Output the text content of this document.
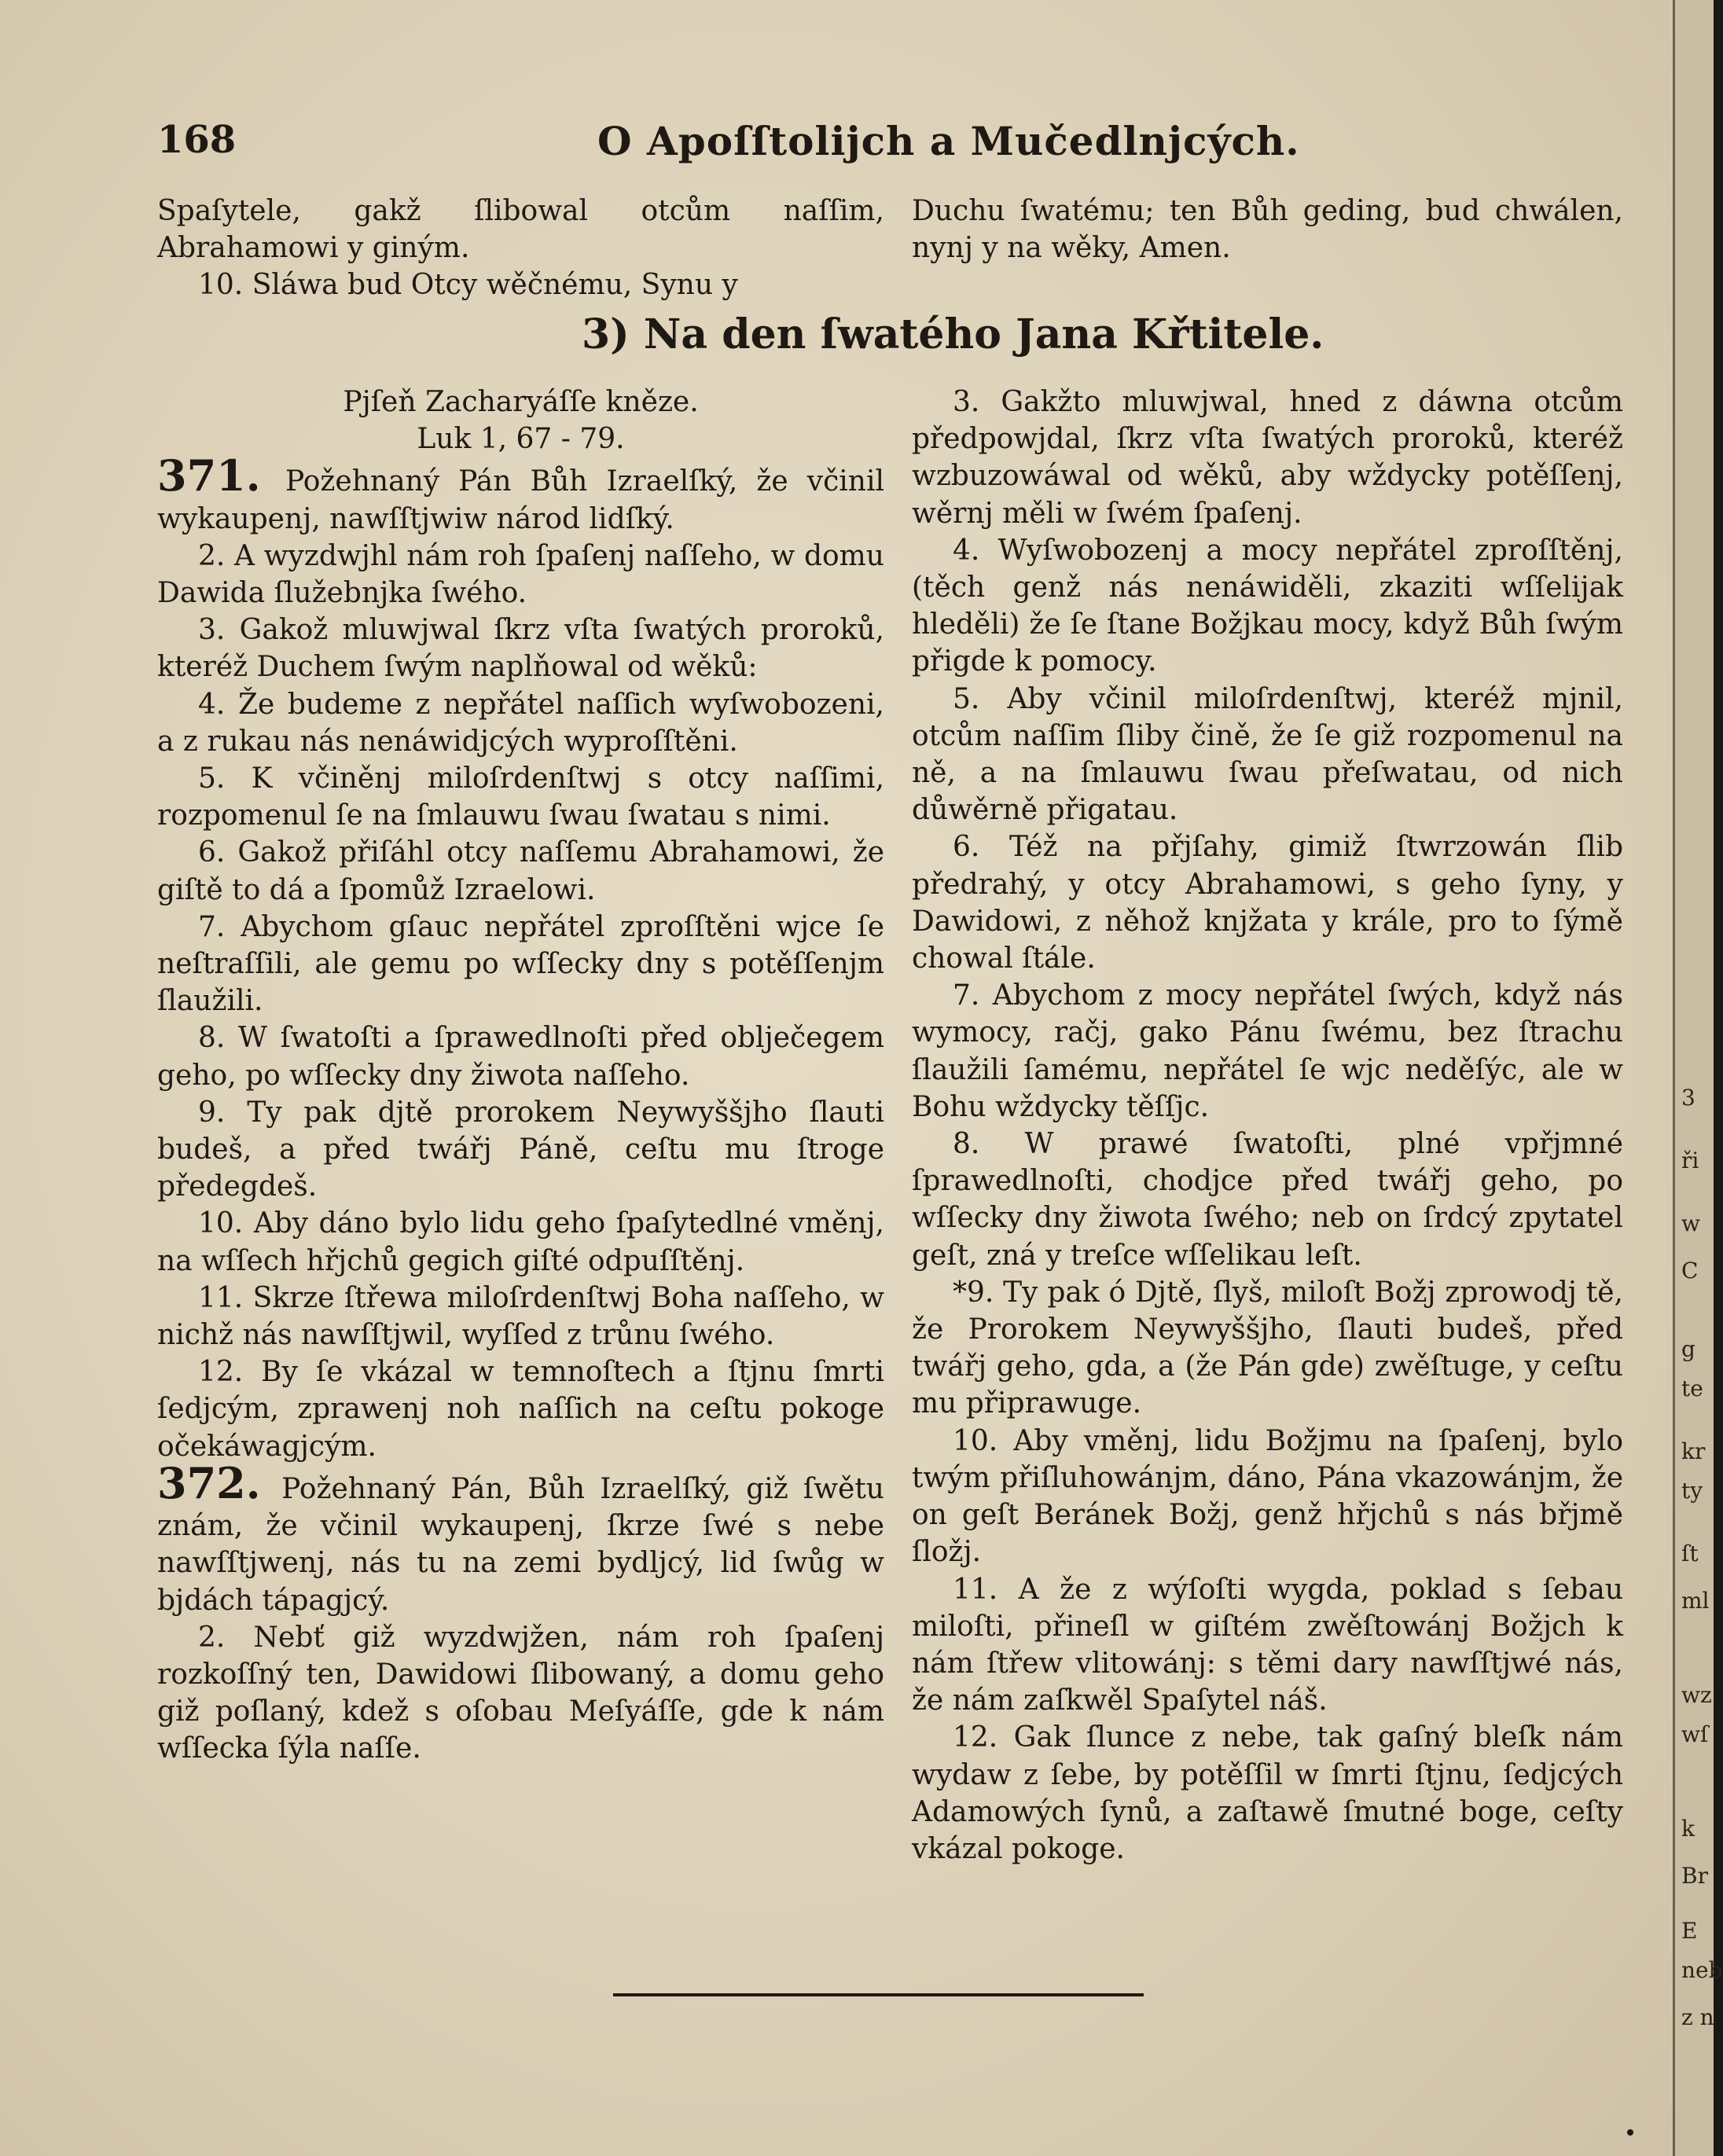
168	O Apoſſtolijch a Mučedlnjcých.

Spaſytele, gakž ſlibowal otcům naſſim, Abrahamowi y giným.

10. Sláwa bud Otcy wěčnému, Synu y

Duchu ſwatému; ten Bůh geding, bud chwálen, nynj y na wěky, Amen.

3) Na den ſwatého Jana Křtitele.

Pjſeň Zacharyáſſe kněze.

Luk 1, 67 - 79.

371. Požehnaný Pán Bůh Izraelſký, že včinil wykaupenj, nawſſtjwiw národ lidſký.

2. A wyzdwjhl nám roh ſpaſenj naſſeho, w domu Dawida ſlužebnjka ſwého.

3. Gakož mluwjwal ſkrz vſta ſwatých proroků, kteréž Duchem ſwým naplňowal od wěků:

4. Že budeme z nepřátel naſſich wyſwobozeni, a z rukau nás nenáwidjcých wyproſſtěni.

5. K včiněnj miloſrdenſtwj s otcy naſſimi, rozpomenul ſe na ſmlauwu ſwau ſwatau s nimi.

6. Gakož přiſáhl otcy naſſemu Abrahamowi, že giſtě to dá a ſpomůž Izraelowi.

7. Abychom gſauc nepřátel zproſſtěni wjce ſe neſtraſſili, ale gemu po wſſecky dny s potěſſenjm ſlaužili.

8. W ſwatoſti a ſprawedlnoſti před oblječegem geho, po wſſecky dny žiwota naſſeho.

9. Ty pak djtě prorokem Neywyššjho ſlauti budeš, a před twářj Páně, ceſtu mu ſtroge předegdeš.

10. Aby dáno bylo lidu geho ſpaſytedlné vměnj, na wſſech hřjchů gegich giſté odpuſſtěnj.

11. Skrze ſtřewa miloſrdenſtwj Boha naſſeho, w nichž nás nawſſtjwil, wyſſed z trůnu ſwého.

12. By ſe vkázal w temnoſtech a ſtjnu ſmrti ſedjcým, zprawenj noh naſſich na ceſtu pokoge očekáwagjcým.

372. Požehnaný Pán, Bůh Izraelſký, giž ſwětu znám, že včinil wykaupenj, ſkrze ſwé s nebe nawſſtjwenj, nás tu na zemi bydljcý, lid ſwůg w bjdách tápagjcý.

2. Nebť giž wyzdwjžen, nám roh ſpaſenj rozkoſſný ten, Dawidowi ſlibowaný, a domu geho giž poſlaný, kdež s oſobau Meſyáſſe, gde k nám wſſecka ſýla naſſe.

3. Gakžto mluwjwal, hned z dáwna otcům předpowjdal, ſkrz vſta ſwatých proroků, kteréž wzbuzowáwal od wěků, aby wždycky potěſſenj, wěrnj měli w ſwém ſpaſenj.

4. Wyſwobozenj a mocy nepřátel zproſſtěnj, (těch genž nás nenáwiděli, zkaziti wſſelijak hleděli) že ſe ſtane Božjkau mocy, když Bůh ſwým přigde k pomocy.

5. Aby včinil miloſrdenſtwj, kteréž mjnil, otcům naſſim ſliby čině, že ſe giž rozpomenul na ně, a na ſmlauwu ſwau přeſwatau, od nich důwěrně přigatau.

6. Též na přjſahy, gimiž ſtwrzowán ſlib předrahý, y otcy Abrahamowi, s geho ſyny, y Dawidowi, z něhož knjžata y krále, pro to ſýmě chowal ſtále.

7. Abychom z mocy nepřátel ſwých, když nás wymocy, račj, gako Pánu ſwému, bez ſtrachu ſlaužili ſamému, nepřátel ſe wjc neděſýc, ale w Bohu wždycky těſſjc.

8. W prawé ſwatoſti, plné vpřjmné ſprawedlnoſti, chodjce před twářj geho, po wſſecky dny žiwota ſwého; neb on ſrdcý zpytatel geſt, zná y treſce wſſelikau leſt.

*9. Ty pak ó Djtě, ſlyš, miloſt Božj zprowodj tě, že Prorokem Neywyššjho, ſlauti budeš, před twářj geho, gda, a (že Pán gde) zwěſtuge, y ceſtu mu připrawuge.

10. Aby vměnj, lidu Božjmu na ſpaſenj, bylo twým přiſluhowánjm, dáno, Pána vkazowánjm, že on geſt Beránek Božj, genž hřjchů s nás břjmě ſložj.

11. A že z wýſoſti wygda, poklad s ſebau miloſti, přineſl w giſtém zwěſtowánj Božjch k nám ſtřew vlitowánj: s těmi dary nawſſtjwé nás, že nám zaſkwěl Spaſytel náš.

12. Gak ſlunce z nebe, tak gaſný bleſk nám wydaw z ſebe, by potěſſil w ſmrti ſtjnu, ſedjcých Adamowých ſynů, a zaſtawě ſmutné boge, ceſty vkázal pokoge.

3
ři
w
C
g
te
kr
ty
ſt
ml
wz
wſ
k
Br
E
neb
z n
